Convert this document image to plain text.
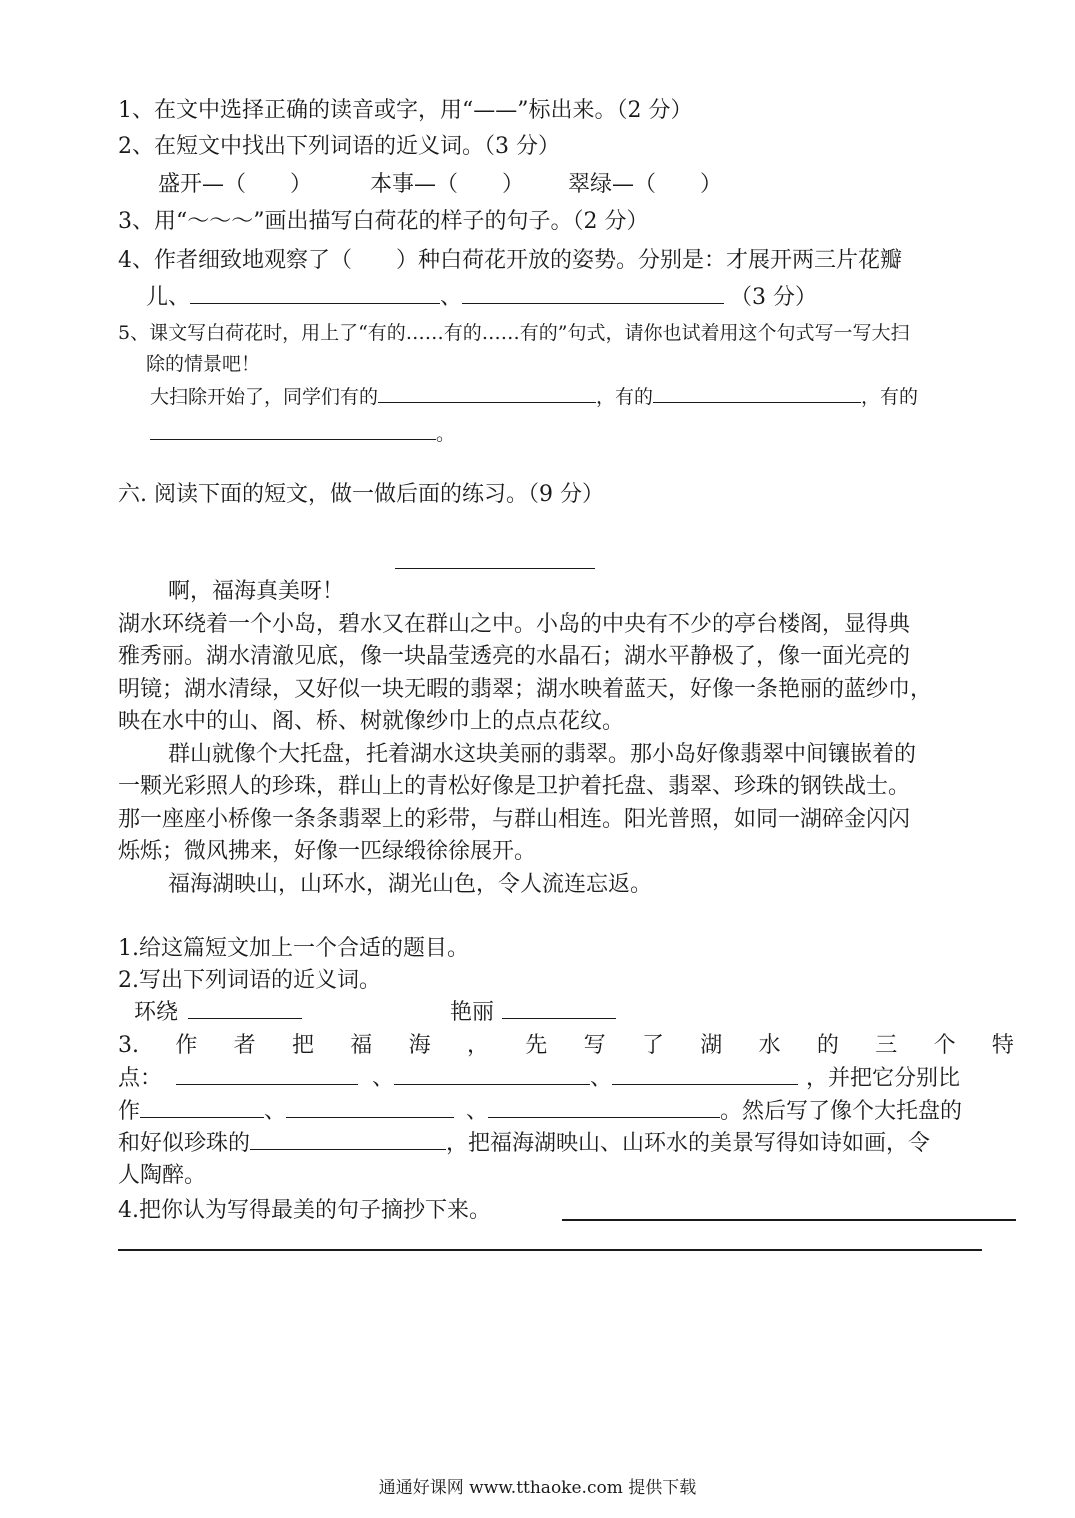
1、在文中选择正确的读音或字，用“——”标出来。（2 分）
2、在短文中找出下列词语的近义词。（3 分）
盛开—（　　）	本事—（　　） 翠绿—（　　）
3、用“～～～”画出描写白荷花的样子的句子。（2 分）
4、作者细致地观察了（　　）种白荷花开放的姿势。分别是：才展开两三片花瓣
儿、	、	（3 分）
5、课文写白荷花时，用上了“有的……有的……有的”句式，请你也试着用这个句式写一写大扫
除的情景吧！
大扫除开始了，同学们有的	，有的	，有的
。
六. 阅读下面的短文，做一做后面的练习。（9 分）
啊，福海真美呀！
湖水环绕着一个小岛，碧水又在群山之中。小岛的中央有不少的亭台楼阁，显得典
雅秀丽。湖水清澈见底，像一块晶莹透亮的水晶石；湖水平静极了，像一面光亮的
明镜；湖水清绿，又好似一块无暇的翡翠；湖水映着蓝天，好像一条艳丽的蓝纱巾，
映在水中的山、阁、桥、树就像纱巾上的点点花纹。
群山就像个大托盘，托着湖水这块美丽的翡翠。那小岛好像翡翠中间镶嵌着的
一颗光彩照人的珍珠，群山上的青松好像是卫护着托盘、翡翠、珍珠的钢铁战士。
那一座座小桥像一条条翡翠上的彩带，与群山相连。阳光普照，如同一湖碎金闪闪
烁烁；微风拂来，好像一匹绿缎徐徐展开。
福海湖映山，山环水，湖光山色，令人流连忘返。
1.给这篇短文加上一个合适的题目。
2.写出下列词语的近义词。
环绕	艳丽
3. 作 者 把 福 海 ， 先 写 了 湖 水 的 三 个 特
点：	、	、	，并把它分别比
作	、	、	。然后写了像个大托盘的
和好似珍珠的	，把福海湖映山、山环水的美景写得如诗如画，令
人陶醉。
4.把你认为写得最美的句子摘抄下来。
通通好课网 www.tthaoke.com 提供下载
